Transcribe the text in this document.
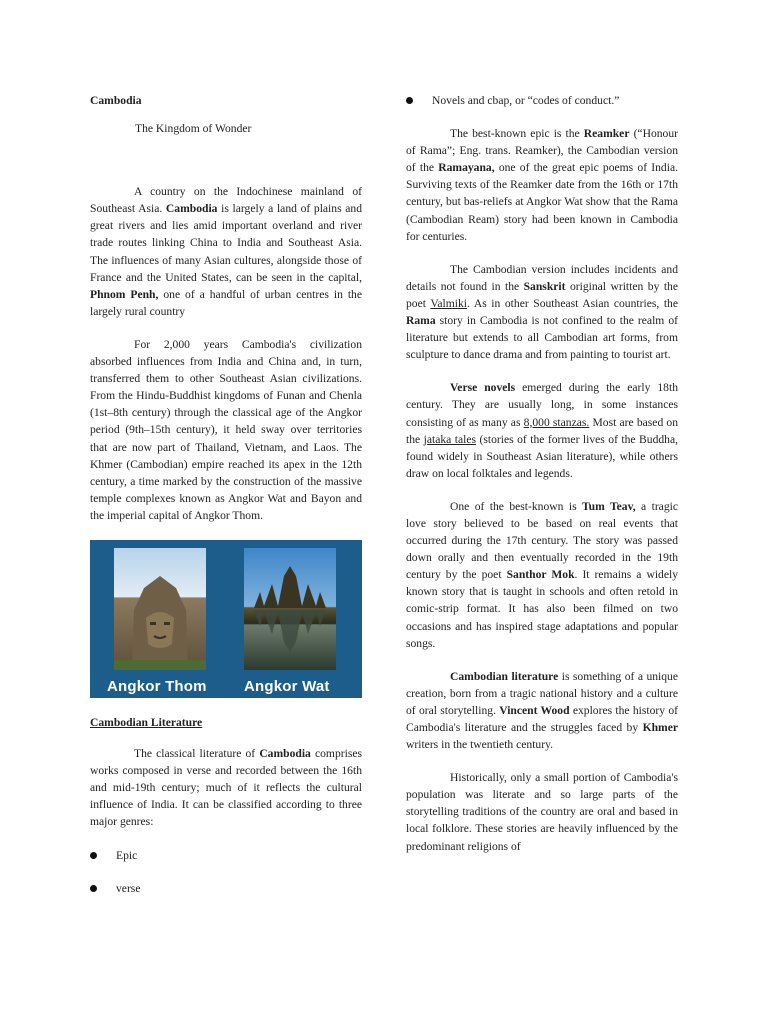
Cambodia

The Kingdom of Wonder

A country on the Indochinese mainland of Southeast Asia. Cambodia is largely a land of plains and great rivers and lies amid important overland and river trade routes linking China to India and Southeast Asia. The influences of many Asian cultures, alongside those of France and the United States, can be seen in the capital, Phnom Penh, one of a handful of urban centres in the largely rural country

For 2,000 years Cambodia's civilization absorbed influences from India and China and, in turn, transferred them to other Southeast Asian civilizations. From the Hindu-Buddhist kingdoms of Funan and Chenla (1st–8th century) through the classical age of the Angkor period (9th–15th century), it held sway over territories that are now part of Thailand, Vietnam, and Laos. The Khmer (Cambodian) empire reached its apex in the 12th century, a time marked by the construction of the massive temple complexes known as Angkor Wat and Bayon and the imperial capital of Angkor Thom.

Angkor Thom Angkor Wat

Cambodian Literature

The classical literature of Cambodia comprises works composed in verse and recorded between the 16th and mid-19th century; much of it reflects the cultural influence of India. It can be classified according to three major genres:

Epic

verse

Novels and cbap, or “codes of conduct.”

The best-known epic is the Reamker (“Honour of Rama”; Eng. trans. Reamker), the Cambodian version of the Ramayana, one of the great epic poems of India. Surviving texts of the Reamker date from the 16th or 17th century, but bas-reliefs at Angkor Wat show that the Rama (Cambodian Ream) story had been known in Cambodia for centuries.

The Cambodian version includes incidents and details not found in the Sanskrit original written by the poet Valmiki. As in other Southeast Asian countries, the Rama story in Cambodia is not confined to the realm of literature but extends to all Cambodian art forms, from sculpture to dance drama and from painting to tourist art.

Verse novels emerged during the early 18th century. They are usually long, in some instances consisting of as many as 8,000 stanzas. Most are based on the jataka tales (stories of the former lives of the Buddha, found widely in Southeast Asian literature), while others draw on local folktales and legends.

One of the best-known is Tum Teav, a tragic love story believed to be based on real events that occurred during the 17th century. The story was passed down orally and then eventually recorded in the 19th century by the poet Santhor Mok. It remains a widely known story that is taught in schools and often retold in comic-strip format. It has also been filmed on two occasions and has inspired stage adaptations and popular songs.

Cambodian literature is something of a unique creation, born from a tragic national history and a culture of oral storytelling. Vincent Wood explores the history of Cambodia's literature and the struggles faced by Khmer writers in the twentieth century.

Historically, only a small portion of Cambodia's population was literate and so large parts of the storytelling traditions of the country are oral and based in local folklore. These stories are heavily influenced by the predominant religions of
